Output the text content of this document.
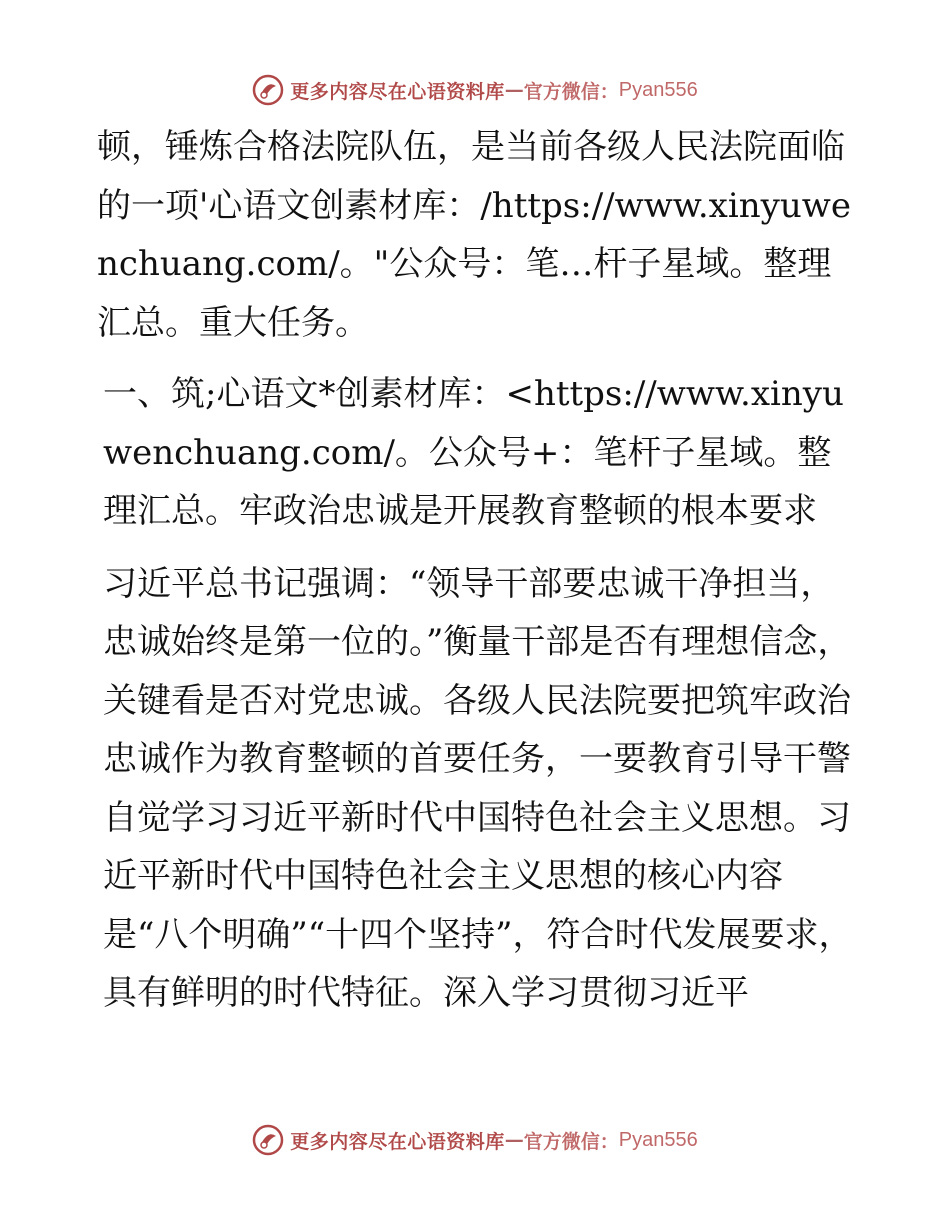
更多内容尽在心语资料库 — 官方微信： Pyan556

顿，锤炼合格法院队伍，是当前各级人民法院面临的一项'心语文创素材库：/https://www.xinyuwenchuang.com/。"公众号：笔…杆子星域。整理汇总。重大任务。

一、筑;心语文*创素材库：<https://www.xinyuwenchuang.com/。公众号+：笔杆子星域。整理汇总。牢政治忠诚是开展教育整顿的根本要求

习近平总书记强调：“领导干部要忠诚干净担当，忠诚始终是第一位的。”衡量干部是否有理想信念，关键看是否对党忠诚。各级人民法院要把筑牢政治忠诚作为教育整顿的首要任务，一要教育引导干警自觉学习习近平新时代中国特色社会主义思想。习近平新时代中国特色社会主义思想的核心内容是“八个明确”“十四个坚持”，符合时代发展要求，具有鲜明的时代特征。深入学习贯彻习近平

更多内容尽在心语资料库 — 官方微信： Pyan556
